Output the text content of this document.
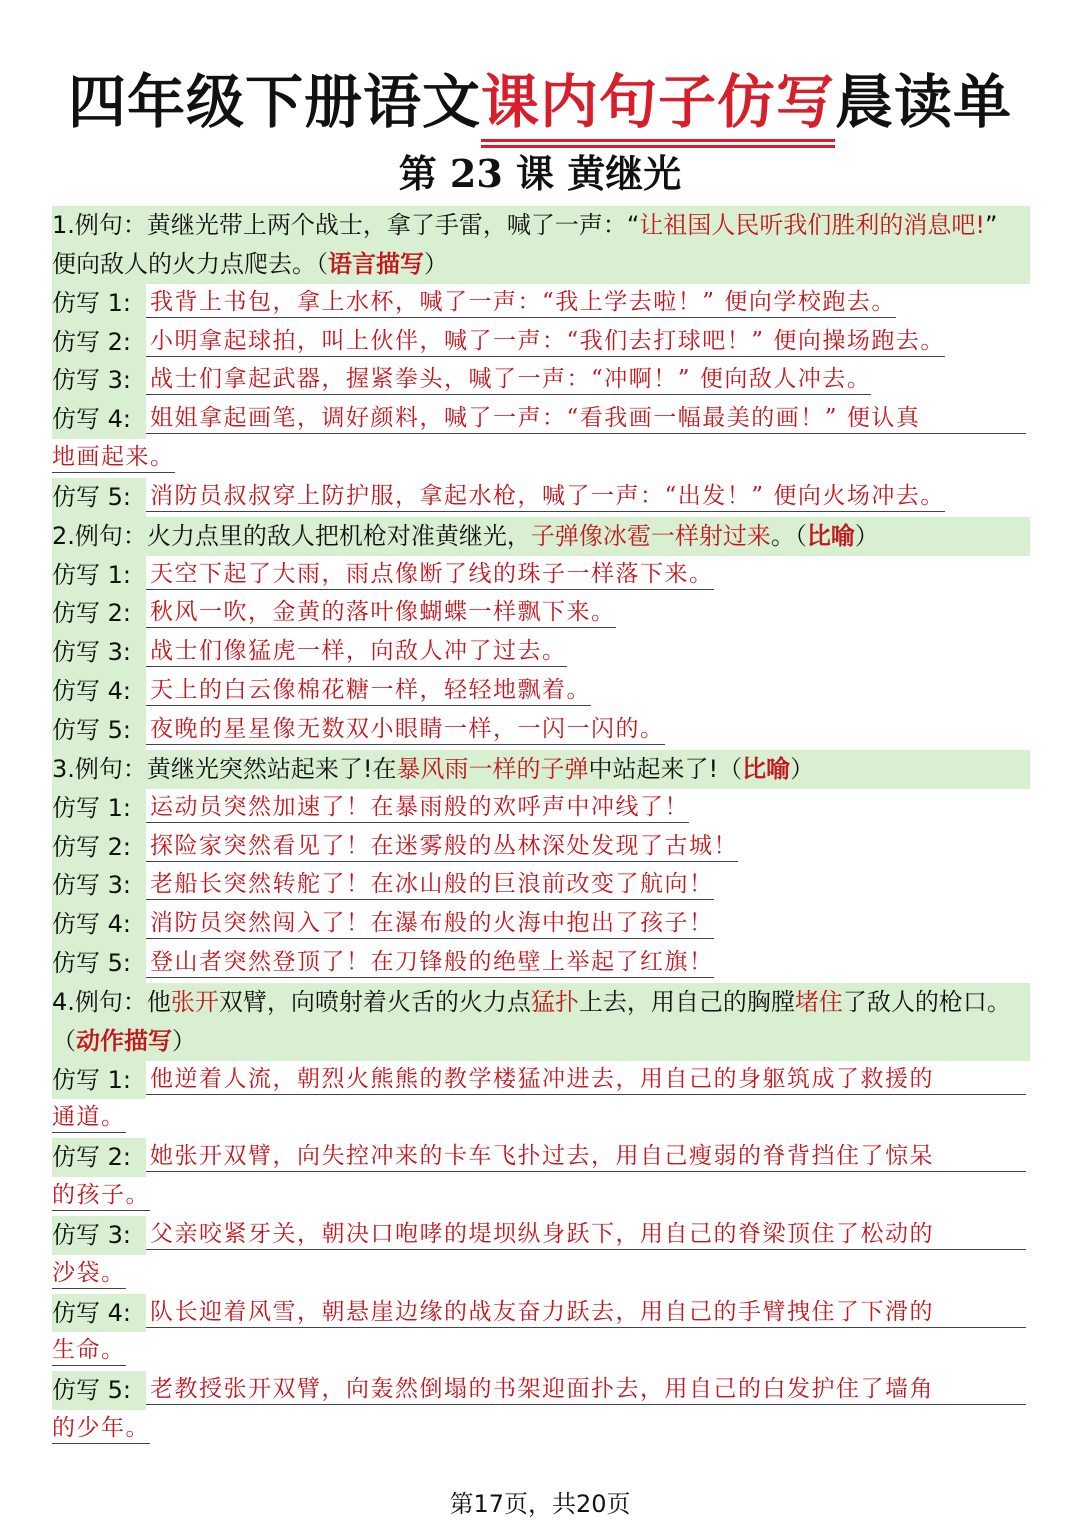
四年级下册语文课内句子仿写晨读单
第 23 课 黄继光
1.例句：黄继光带上两个战士，拿了手雷，喊了一声：“让祖国人民听我们胜利的消息吧!”
便向敌人的火力点爬去。（语言描写）
仿写 1: 我背上书包，拿上水杯，喊了一声：“我上学去啦！” 便向学校跑去。
仿写 2: 小明拿起球拍，叫上伙伴，喊了一声：“我们去打球吧！” 便向操场跑去。
仿写 3: 战士们拿起武器，握紧拳头，喊了一声：“冲啊！” 便向敌人冲去。
仿写 4: 姐姐拿起画笔，调好颜料，喊了一声：“看我画一幅最美的画！” 便认真
地画起来。
仿写 5: 消防员叔叔穿上防护服，拿起水枪，喊了一声：“出发！” 便向火场冲去。
2.例句：火力点里的敌人把机枪对准黄继光，子弹像冰雹一样射过来。（比喻）
仿写 1: 天空下起了大雨，雨点像断了线的珠子一样落下来。
仿写 2: 秋风一吹，金黄的落叶像蝴蝶一样飘下来。
仿写 3: 战士们像猛虎一样，向敌人冲了过去。
仿写 4: 天上的白云像棉花糖一样，轻轻地飘着。
仿写 5: 夜晚的星星像无数双小眼睛一样，一闪一闪的。
3.例句：黄继光突然站起来了!在暴风雨一样的子弹中站起来了!（比喻）
仿写 1: 运动员突然加速了！在暴雨般的欢呼声中冲线了！
仿写 2: 探险家突然看见了！在迷雾般的丛林深处发现了古城！
仿写 3: 老船长突然转舵了！在冰山般的巨浪前改变了航向！
仿写 4: 消防员突然闯入了！在瀑布般的火海中抱出了孩子！
仿写 5: 登山者突然登顶了！在刀锋般的绝壁上举起了红旗！
4.例句：他张开双臂，向喷射着火舌的火力点猛扑上去，用自己的胸膛堵住了敌人的枪口。
（动作描写）
仿写 1: 他逆着人流，朝烈火熊熊的教学楼猛冲进去，用自己的身躯筑成了救援的
通道。
仿写 2: 她张开双臂，向失控冲来的卡车飞扑过去，用自己瘦弱的脊背挡住了惊呆
的孩子。
仿写 3: 父亲咬紧牙关，朝决口咆哮的堤坝纵身跃下，用自己的脊梁顶住了松动的
沙袋。
仿写 4: 队长迎着风雪，朝悬崖边缘的战友奋力跃去，用自己的手臂拽住了下滑的
生命。
仿写 5: 老教授张开双臂，向轰然倒塌的书架迎面扑去，用自己的白发护住了墙角
的少年。
第17页，共20页
